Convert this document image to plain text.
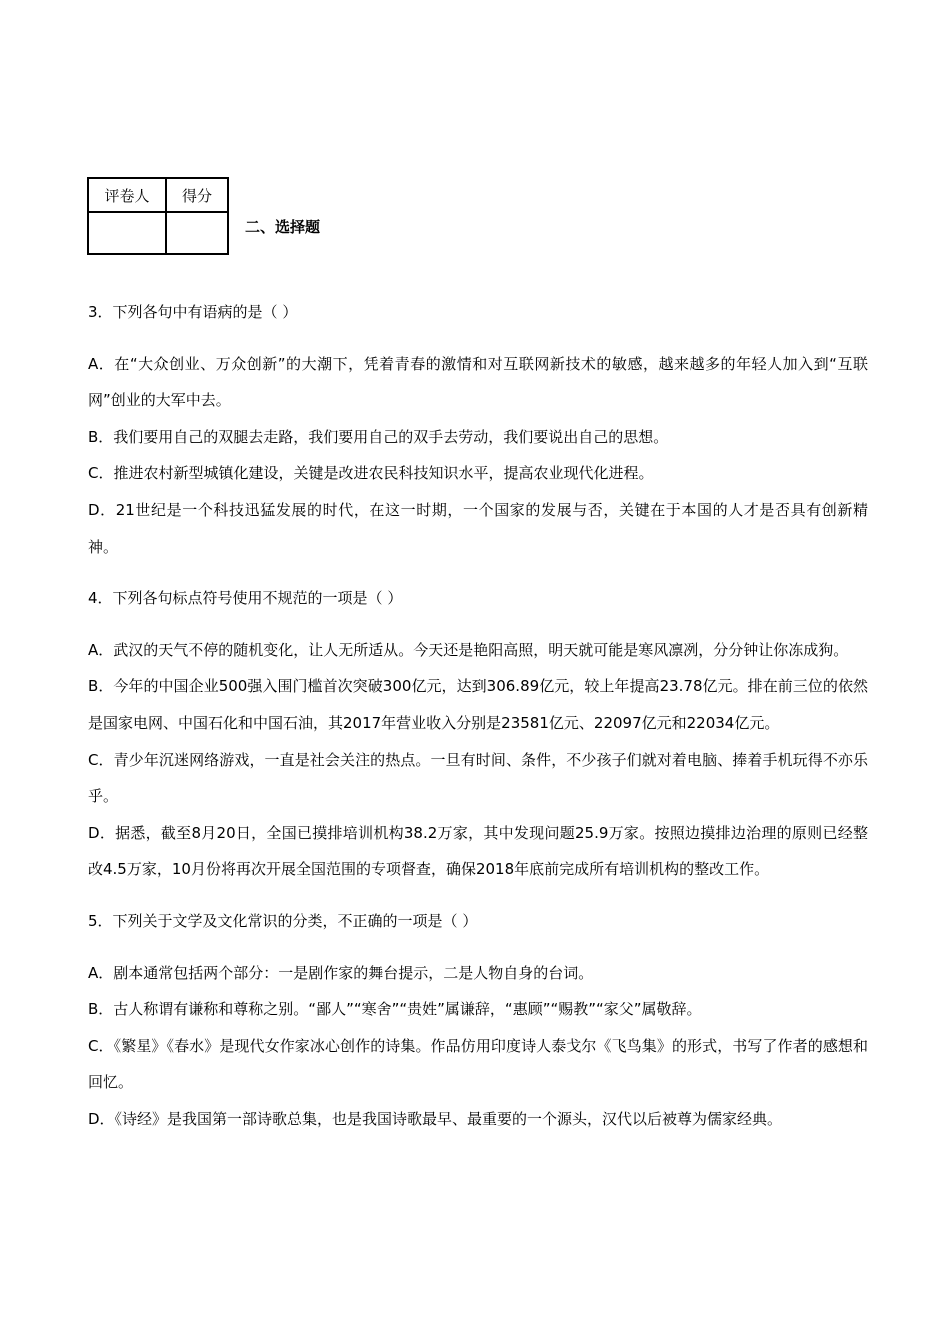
评卷人	得分

二、选择题

3．下列各句中有语病的是（ ）

A．在“大众创业、万众创新”的大潮下，凭着青春的激情和对互联网新技术的敏感，越来越多的年轻人加入到“互联网”创业的大军中去。

B．我们要用自己的双腿去走路，我们要用自己的双手去劳动，我们要说出自己的思想。

C．推进农村新型城镇化建设，关键是改进农民科技知识水平，提高农业现代化进程。

D．21世纪是一个科技迅猛发展的时代，在这一时期，一个国家的发展与否，关键在于本国的人才是否具有创新精神。

4．下列各句标点符号使用不规范的一项是（ ）

A．武汉的天气不停的随机变化，让人无所适从。今天还是艳阳高照，明天就可能是寒风凛冽，分分钟让你冻成狗。

B．今年的中国企业500强入围门槛首次突破300亿元，达到306.89亿元，较上年提高23.78亿元。排在前三位的依然是国家电网、中国石化和中国石油，其2017年营业收入分别是23581亿元、22097亿元和22034亿元。

C．青少年沉迷网络游戏，一直是社会关注的热点。一旦有时间、条件，不少孩子们就对着电脑、捧着手机玩得不亦乐乎。

D．据悉，截至8月20日，全国已摸排培训机构38.2万家，其中发现问题25.9万家。按照边摸排边治理的原则已经整改4.5万家，10月份将再次开展全国范围的专项督查，确保2018年底前完成所有培训机构的整改工作。

5．下列关于文学及文化常识的分类，不正确的一项是（ ）

A．剧本通常包括两个部分：一是剧作家的舞台提示，二是人物自身的台词。

B．古人称谓有谦称和尊称之别。“鄙人”“寒舍”“贵姓”属谦辞，“惠顾”“赐教”“家父”属敬辞。

C．《繁星》《春水》是现代女作家冰心创作的诗集。作品仿用印度诗人泰戈尔《飞鸟集》的形式，书写了作者的感想和回忆。

D．《诗经》是我国第一部诗歌总集，也是我国诗歌最早、最重要的一个源头，汉代以后被尊为儒家经典。
